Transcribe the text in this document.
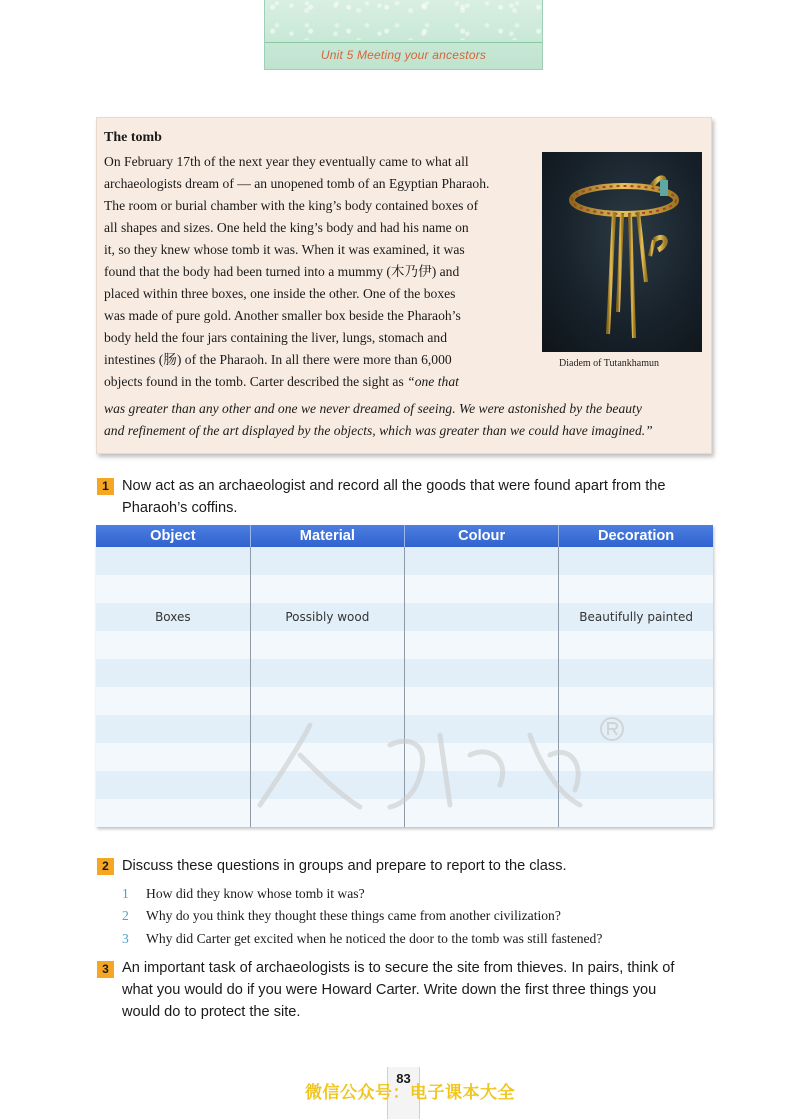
Unit 5 Meeting your ancestors
The tomb
On February 17th of the next year they eventually came to what all
archaeologists dream of — an unopened tomb of an Egyptian Pharaoh.
The room or burial chamber with the king’s body contained boxes of
all shapes and sizes. One held the king’s body and had his name on
it, so they knew whose tomb it was. When it was examined, it was
found that the body had been turned into a mummy (木乃伊) and
placed within three boxes, one inside the other. One of the boxes
was made of pure gold. Another smaller box beside the Pharaoh’s
body held the four jars containing the liver, lungs, stomach and
intestines (肠) of the Pharaoh. In all there were more than 6,000
objects found in the tomb. Carter described the sight as “one that
was greater than any other and one we never dreamed of seeing. We were astonished by the beauty
and refinement of the art displayed by the objects, which was greater than we could have imagined.”
Diadem of Tutankhamun
1 Now act as an archaeologist and record all the goods that were found apart from the
Pharaoh’s coffins.
Object	Material	Colour	Decoration

Boxes	Possibly wood		Beautifully painted

2 Discuss these questions in groups and prepare to report to the class.
1 How did they know whose tomb it was?
2 Why do you think they thought these things came from another civilization?
3 Why did Carter get excited when he noticed the door to the tomb was still fastened?
3 An important task of archaeologists is to secure the site from thieves. In pairs, think of
what you would do if you were Howard Carter. Write down the first three things you
would do to protect the site.
83
微信公众号：电子课本大全
